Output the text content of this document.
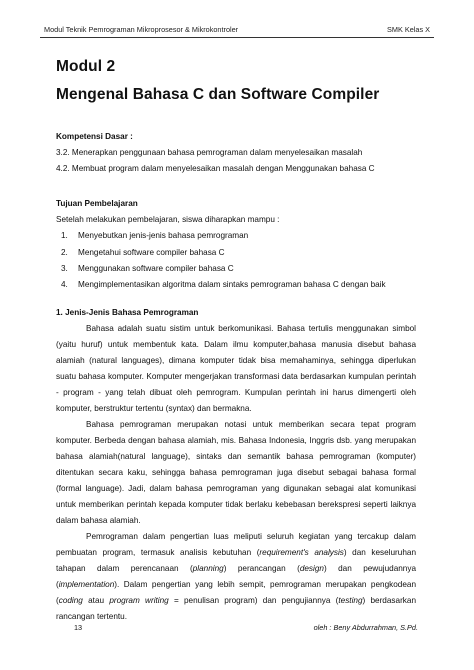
Modul Teknik Pemrograman Mikroprosesor & Mikrokontroler	SMK Kelas X
Modul 2
Mengenal Bahasa C dan Software Compiler
Kompetensi Dasar :
3.2. Menerapkan penggunaan bahasa pemrograman dalam menyelesaikan masalah
4.2. Membuat program dalam menyelesaikan masalah dengan Menggunakan bahasa C
Tujuan Pembelajaran
Setelah melakukan pembelajaran, siswa diharapkan mampu :
1. Menyebutkan jenis-jenis bahasa pemrograman
2. Mengetahui software compiler bahasa C
3. Menggunakan software compiler bahasa C
4. Mengimplementasikan algoritma dalam sintaks pemrograman bahasa C dengan baik
1. Jenis-Jenis Bahasa Pemrograman

Bahasa adalah suatu sistim untuk berkomunikasi. Bahasa tertulis menggunakan simbol (yaitu huruf) untuk membentuk kata. Dalam ilmu komputer,bahasa manusia disebut bahasa alamiah (natural languages), dimana komputer tidak bisa memahaminya, sehingga diperlukan suatu bahasa komputer. Komputer mengerjakan transformasi data berdasarkan kumpulan perintah - program - yang telah dibuat oleh pemrogram. Kumpulan perintah ini harus dimengerti oleh komputer, berstruktur tertentu (syntax) dan bermakna.

Bahasa pemrograman merupakan notasi untuk memberikan secara tepat program komputer. Berbeda dengan bahasa alamiah, mis. Bahasa Indonesia, Inggris dsb. yang merupakan bahasa alamiah(natural language), sintaks dan semantik bahasa pemrograman (komputer) ditentukan secara kaku, sehingga bahasa pemrograman juga disebut sebagai bahasa formal (formal language). Jadi, dalam bahasa pemrograman yang digunakan sebagai alat komunikasi untuk memberikan perintah kepada komputer tidak berlaku kebebasan berekspresi seperti laiknya dalam bahasa alamiah.

Pemrograman dalam pengertian luas meliputi seluruh kegiatan yang tercakup dalam pembuatan program, termasuk analisis kebutuhan (requirement's analysis) dan keseluruhan tahapan dalam perencanaan (planning) perancangan (design) dan pewujudannya (implementation). Dalam pengertian yang lebih sempit, pemrograman merupakan pengkodean (coding atau program writing = penulisan program) dan pengujiannya (testing) berdasarkan rancangan tertentu.

13	oleh : Beny Abdurrahman, S.Pd.
